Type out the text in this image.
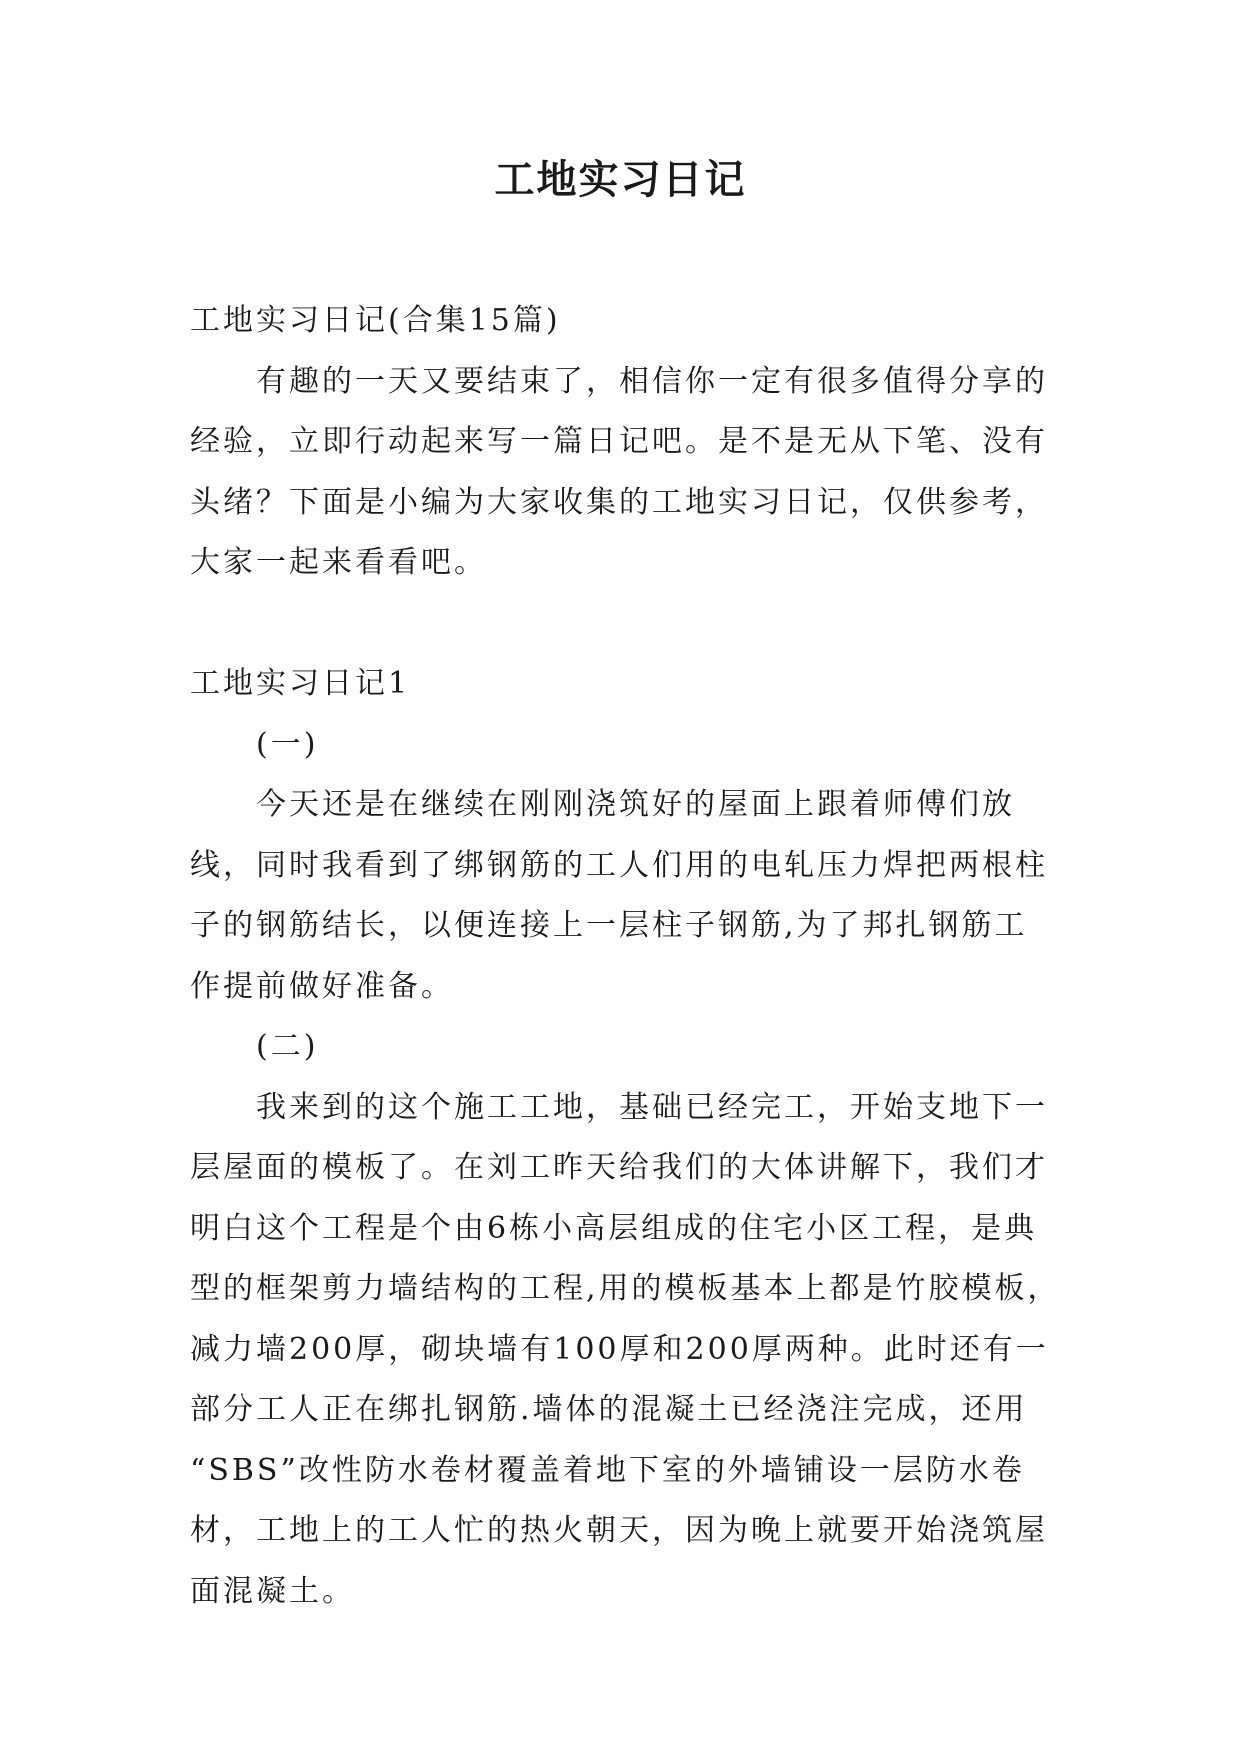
工地实习日记

工地实习日记(合集15篇)

有趣的一天又要结束了，相信你一定有很多值得分享的

经验，立即行动起来写一篇日记吧。是不是无从下笔、没有

头绪？下面是小编为大家收集的工地实习日记，仅供参考，

大家一起来看看吧。

工地实习日记1

(一)

今天还是在继续在刚刚浇筑好的屋面上跟着师傅们放

线，同时我看到了绑钢筋的工人们用的电轧压力焊把两根柱

子的钢筋结长，以便连接上一层柱子钢筋,为了邦扎钢筋工

作提前做好准备。

(二)

我来到的这个施工工地，基础已经完工，开始支地下一

层屋面的模板了。在刘工昨天给我们的大体讲解下，我们才

明白这个工程是个由6栋小高层组成的住宅小区工程，是典

型的框架剪力墙结构的工程,用的模板基本上都是竹胶模板，

减力墙200厚，砌块墙有100厚和200厚两种。此时还有一

部分工人正在绑扎钢筋.墙体的混凝土已经浇注完成，还用

“SBS”改性防水卷材覆盖着地下室的外墙铺设一层防水卷

材，工地上的工人忙的热火朝天，因为晚上就要开始浇筑屋

面混凝土。
